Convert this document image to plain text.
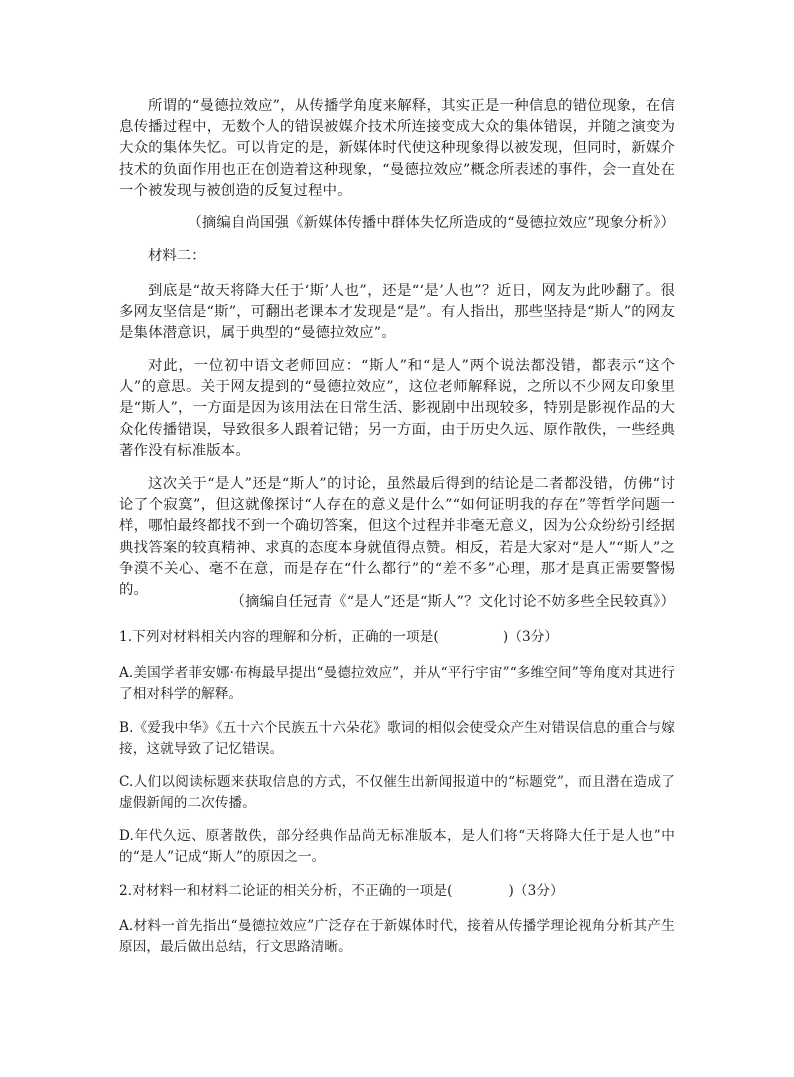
所谓的“曼德拉效应”，从传播学角度来解释，其实正是一种信息的错位现象，在信息传播过程中，无数个人的错误被媒介技术所连接变成大众的集体错误，并随之演变为大众的集体失忆。可以肯定的是，新媒体时代使这种现象得以被发现，但同时，新媒介技术的负面作用也正在创造着这种现象，“曼德拉效应”概念所表述的事件，会一直处在一个被发现与被创造的反复过程中。

（摘编自尚国强《新媒体传播中群体失忆所造成的“曼德拉效应”现象分析》）

材料二：

到底是“故天将降大任于‘斯’人也”，还是“‘是’人也”？近日，网友为此吵翻了。很多网友坚信是“斯”，可翻出老课本才发现是“是”。有人指出，那些坚持是“斯人”的网友是集体潜意识，属于典型的“曼德拉效应”。

对此，一位初中语文老师回应：“斯人”和“是人”两个说法都没错，都表示“这个人”的意思。关于网友提到的“曼德拉效应”，这位老师解释说，之所以不少网友印象里是“斯人”，一方面是因为该用法在日常生活、影视剧中出现较多，特别是影视作品的大众化传播错误，导致很多人跟着记错；另一方面，由于历史久远、原作散佚，一些经典著作没有标准版本。

这次关于“是人”还是“斯人”的讨论，虽然最后得到的结论是二者都没错，仿佛“讨论了个寂寞”，但这就像探讨“人存在的意义是什么”“如何证明我的存在”等哲学问题一样，哪怕最终都找不到一个确切答案，但这个过程并非毫无意义，因为公众纷纷引经据典找答案的较真精神、求真的态度本身就值得点赞。相反，若是大家对“是人”“斯人”之争漠不关心、毫不在意，而是存在“什么都行”的“差不多”心理，那才是真正需要警惕的。

（摘编自任冠青《“是人”还是“斯人”？文化讨论不妨多些全民较真》）

1.下列对材料相关内容的理解和分析，正确的一项是(	)（3分）

A.美国学者菲安娜·布梅最早提出“曼德拉效应”，并从“平行宇宙”“多维空间”等角度对其进行了相对科学的解释。

B.《爱我中华》《五十六个民族五十六朵花》歌词的相似会使受众产生对错误信息的重合与嫁接，这就导致了记忆错误。

C.人们以阅读标题来获取信息的方式，不仅催生出新闻报道中的“标题党”，而且潜在造成了虚假新闻的二次传播。

D.年代久远、原著散佚，部分经典作品尚无标准版本，是人们将“天将降大任于是人也”中的“是人”记成“斯人”的原因之一。

2.对材料一和材料二论证的相关分析，不正确的一项是(	)（3分）

A.材料一首先指出“曼德拉效应”广泛存在于新媒体时代，接着从传播学理论视角分析其产生原因，最后做出总结，行文思路清晰。
